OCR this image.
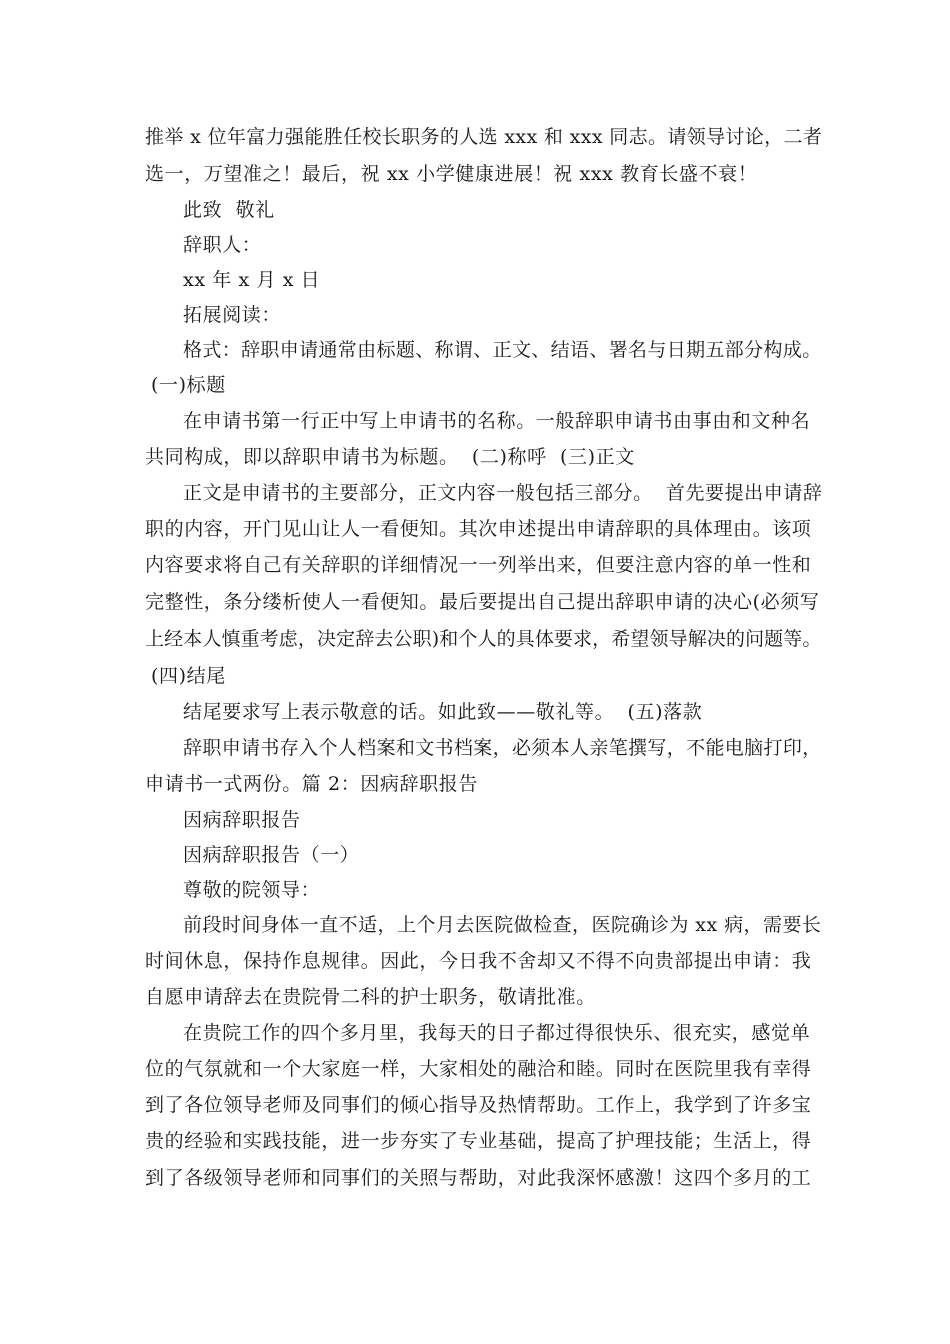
推举 x 位年富力强能胜任校长职务的人选 xxx 和 xxx 同志。请领导讨论，二者
选一，万望准之！最后，祝 xx 小学健康进展！祝 xxx 教育长盛不衰！
此致  敬礼
辞职人：
xx 年 x 月 x 日
拓展阅读：
格式：辞职申请通常由标题、称谓、正文、结语、署名与日期五部分构成。
(一)标题
在申请书第一行正中写上申请书的名称。一般辞职申请书由事由和文种名
共同构成，即以辞职申请书为标题。  (二)称呼  (三)正文
正文是申请书的主要部分，正文内容一般包括三部分。  首先要提出申请辞
职的内容，开门见山让人一看便知。其次申述提出申请辞职的具体理由。该项
内容要求将自己有关辞职的详细情况一一列举出来，但要注意内容的单一性和
完整性，条分缕析使人一看便知。最后要提出自己提出辞职申请的决心(必须写
上经本人慎重考虑，决定辞去公职)和个人的具体要求，希望领导解决的问题等。
(四)结尾
结尾要求写上表示敬意的话。如此致——敬礼等。  (五)落款
辞职申请书存入个人档案和文书档案，必须本人亲笔撰写，不能电脑打印，
申请书一式两份。篇 2：因病辞职报告
因病辞职报告
因病辞职报告（一）
尊敬的院领导：
前段时间身体一直不适，上个月去医院做检查，医院确诊为 xx 病，需要长
时间休息，保持作息规律。因此，今日我不舍却又不得不向贵部提出申请：我
自愿申请辞去在贵院骨二科的护士职务，敬请批准。
在贵院工作的四个多月里，我每天的日子都过得很快乐、很充实，感觉单
位的气氛就和一个大家庭一样，大家相处的融洽和睦。同时在医院里我有幸得
到了各位领导老师及同事们的倾心指导及热情帮助。工作上，我学到了许多宝
贵的经验和实践技能，进一步夯实了专业基础，提高了护理技能；生活上，得
到了各级领导老师和同事们的关照与帮助，对此我深怀感激！这四个多月的工
